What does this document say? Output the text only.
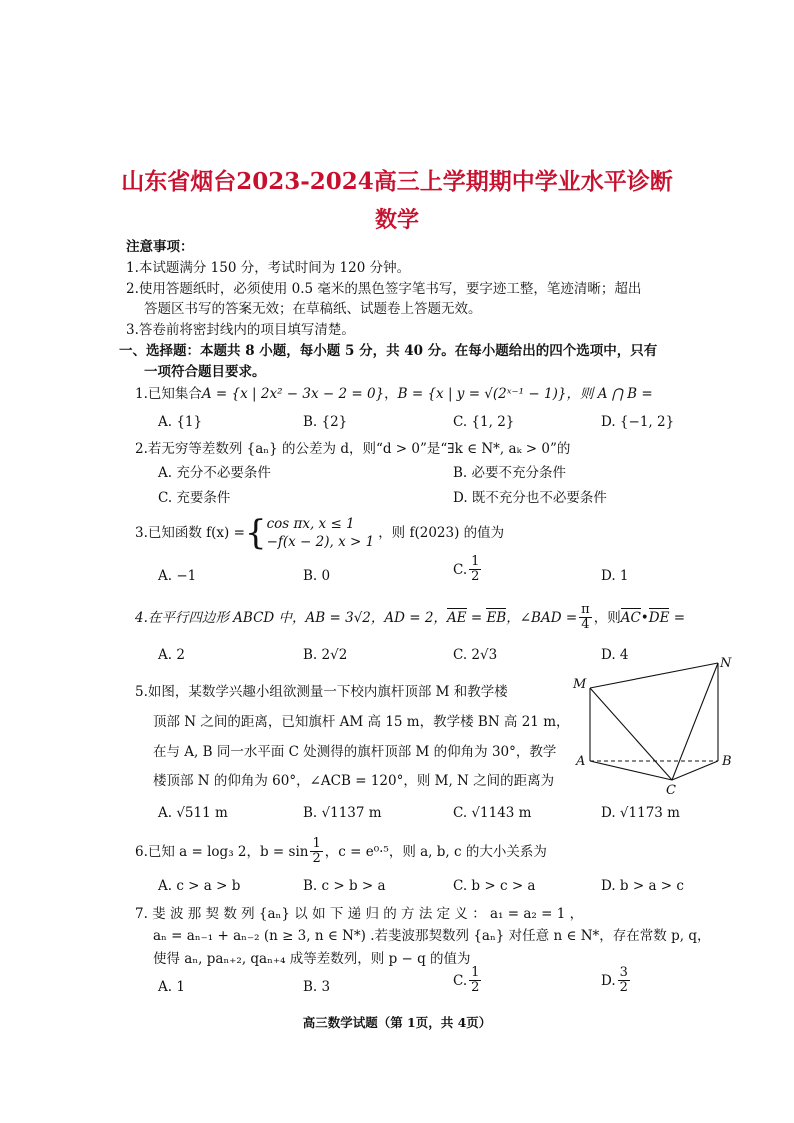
山东省烟台2023-2024高三上学期期中学业水平诊断
数学
注意事项：
1.本试题满分 150 分，考试时间为 120 分钟。
2.使用答题纸时，必须使用 0.5 毫米的黑色签字笔书写，要字迹工整，笔迹清晰；超出
答题区书写的答案无效；在草稿纸、试题卷上答题无效。
3.答卷前将密封线内的项目填写清楚。
一、选择题：本题共 8 小题，每小题 5 分，共 40 分。在每小题给出的四个选项中，只有
一项符合题目要求。
1.已知集合A = {x | 2x² − 3x − 2 = 0}，B = {x | y = √(2ˣ⁻¹ − 1)}，则 A ⋂ B =
A. {1}	B. {2}	C. {1, 2}	D. {−1, 2}
2.若无穷等差数列 {aₙ} 的公差为 d，则“d > 0”是“∃k ∈ N*, aₖ > 0”的
A. 充分不必要条件	B. 必要不充分条件
C. 充要条件	D. 既不充分也不必要条件
3.已知函数 f(x) = { cos πx, x ≤ 1
−f(x − 2), x > 1
，则 f(2023) 的值为
A. −1	B. 0	C. $\frac{1}{2}$	D. 1
4.在平行四边形 ABCD 中，AB = 3√2，AD = 2， AE = EB ，∠BAD = $\frac{\pi}{4}$ ，则 AC • DE =
A. 2	B. 2√2	C. 2√3	D. 4
5.如图，某数学兴趣小组欲测量一下校内旗杆顶部 M 和教学楼
顶部 N 之间的距离，已知旗杆 AM 高 15 m，教学楼 BN 高 21 m，
在与 A, B 同一水平面 C 处测得的旗杆顶部 M 的仰角为 30°，教学
楼顶部 N 的仰角为 60°，∠ACB = 120°，则 M, N 之间的距离为
A. √511 m	B. √1137 m	C. √1143 m	D. √1173 m
M
N
A	B
C
6.已知 a = log₃ 2，$b = \sin \frac{1}{2}$ ，c = e⁰·⁵，则 a, b, c 的大小关系为
A. c > a > b	B. c > b > a	C. b > c > a	D. b > a > c
7. 斐 波 那 契 数 列 {aₙ} 以 如 下 递 归 的 方 法 定 义 ： a₁ = a₂ = 1 ，
aₙ = aₙ₋₁ + aₙ₋₂ (n ≥ 3, n ∈ N*) .若斐波那契数列 {aₙ} 对任意 n ∈ N*，存在常数 p, q，
使得 aₙ, paₙ₊₂, qaₙ₊₄ 成等差数列，则 p − q 的值为
A. 1	B. 3	C. $\frac{1}{2}$	D. $\frac{3}{2}$
高三数学试题（第 1页，共 4页）
